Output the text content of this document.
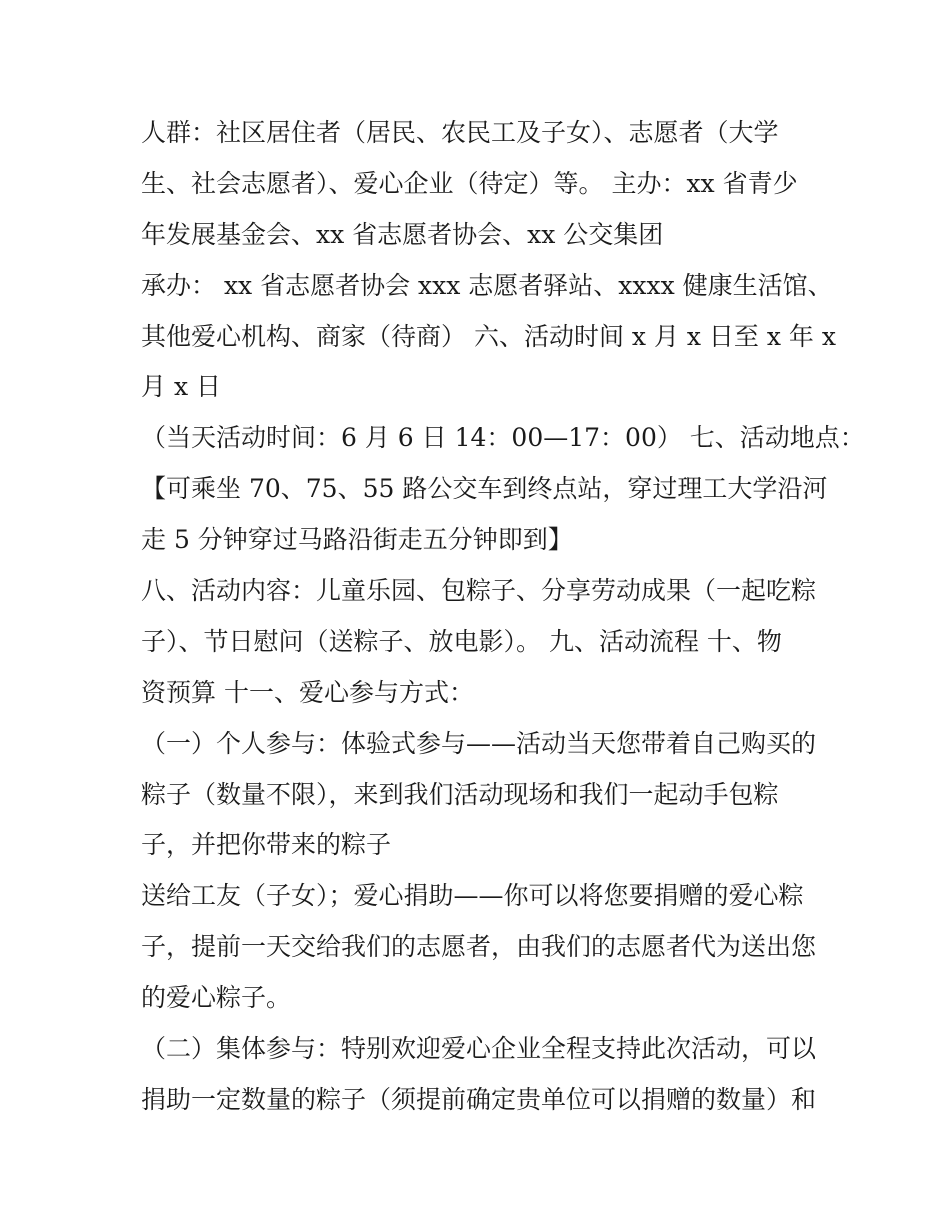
人群：社区居住者（居民、农民工及子女）、志愿者（大学
生、社会志愿者）、爱心企业（待定）等。 主办：xx 省青少
年发展基金会、xx 省志愿者协会、xx 公交集团
承办： xx 省志愿者协会 xxx 志愿者驿站、xxxx 健康生活馆、
其他爱心机构、商家（待商） 六、活动时间 x 月 x 日至 x 年 x
月 x 日
（当天活动时间：6 月 6 日 14：00—17：00） 七、活动地点：
【可乘坐 70、75、55 路公交车到终点站，穿过理工大学沿河
走 5 分钟穿过马路沿街走五分钟即到】
八、活动内容：儿童乐园、包粽子、分享劳动成果（一起吃粽
子）、节日慰问（送粽子、放电影）。 九、活动流程 十、物
资预算 十一、爱心参与方式：
（一）个人参与：体验式参与——活动当天您带着自己购买的
粽子（数量不限），来到我们活动现场和我们一起动手包粽
子，并把你带来的粽子
送给工友（子女）；爱心捐助——你可以将您要捐赠的爱心粽
子，提前一天交给我们的志愿者，由我们的志愿者代为送出您
的爱心粽子。
（二）集体参与：特别欢迎爱心企业全程支持此次活动，可以
捐助一定数量的粽子（须提前确定贵单位可以捐赠的数量）和
